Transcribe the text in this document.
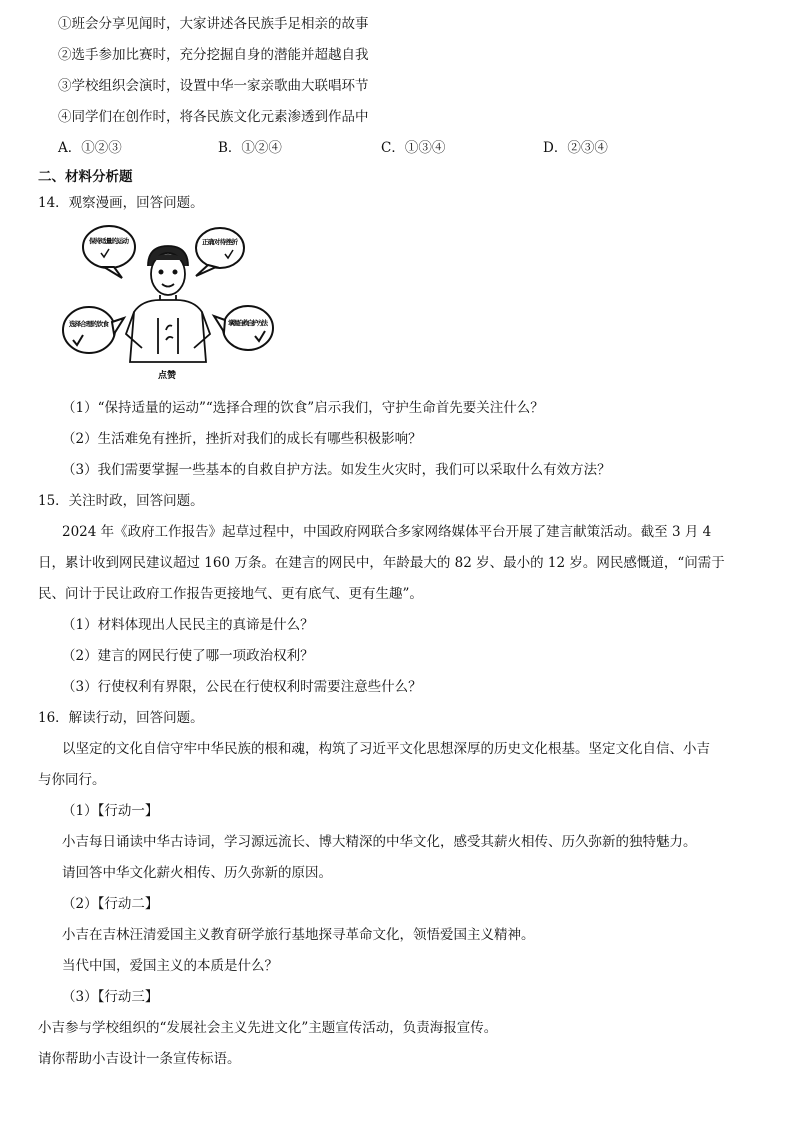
①班会分享见闻时，大家讲述各民族手足相亲的故事
②选手参加比赛时，充分挖掘自身的潜能并超越自我
③学校组织会演时，设置中华一家亲歌曲大联唱环节
④同学们在创作时，将各民族文化元素渗透到作品中
A．①②③	B．①②④	C．①③④	D．②③④
二、材料分析题
14．观察漫画，回答问题。
保持适量的运动	正确对待挫折
选择合理的饮食	掌握自救自护方法
点赞
（1）“保持适量的运动”“选择合理的饮食”启示我们，守护生命首先要关注什么？
（2）生活难免有挫折，挫折对我们的成长有哪些积极影响？
（3）我们需要掌握一些基本的自救自护方法。如发生火灾时，我们可以采取什么有效方法？
15．关注时政，回答问题。
2024 年《政府工作报告》起草过程中，中国政府网联合多家网络媒体平台开展了建言献策活动。截至 3 月 4
日，累计收到网民建议超过 160 万条。在建言的网民中，年龄最大的 82 岁、最小的 12 岁。网民感慨道，“问需于
民、问计于民让政府工作报告更接地气、更有底气、更有生趣”。
（1）材料体现出人民民主的真谛是什么？
（2）建言的网民行使了哪一项政治权利？
（3）行使权利有界限，公民在行使权利时需要注意些什么？
16．解读行动，回答问题。
以坚定的文化自信守牢中华民族的根和魂，构筑了习近平文化思想深厚的历史文化根基。坚定文化自信、小吉
与你同行。
（1）【行动一】
小吉每日诵读中华古诗词，学习源远流长、博大精深的中华文化，感受其薪火相传、历久弥新的独特魅力。
请回答中华文化薪火相传、历久弥新的原因。
（2）【行动二】
小吉在吉林汪清爱国主义教育研学旅行基地探寻革命文化，领悟爱国主义精神。
当代中国，爱国主义的本质是什么？
（3）【行动三】
小吉参与学校组织的“发展社会主义先进文化”主题宣传活动，负责海报宣传。
请你帮助小吉设计一条宣传标语。
